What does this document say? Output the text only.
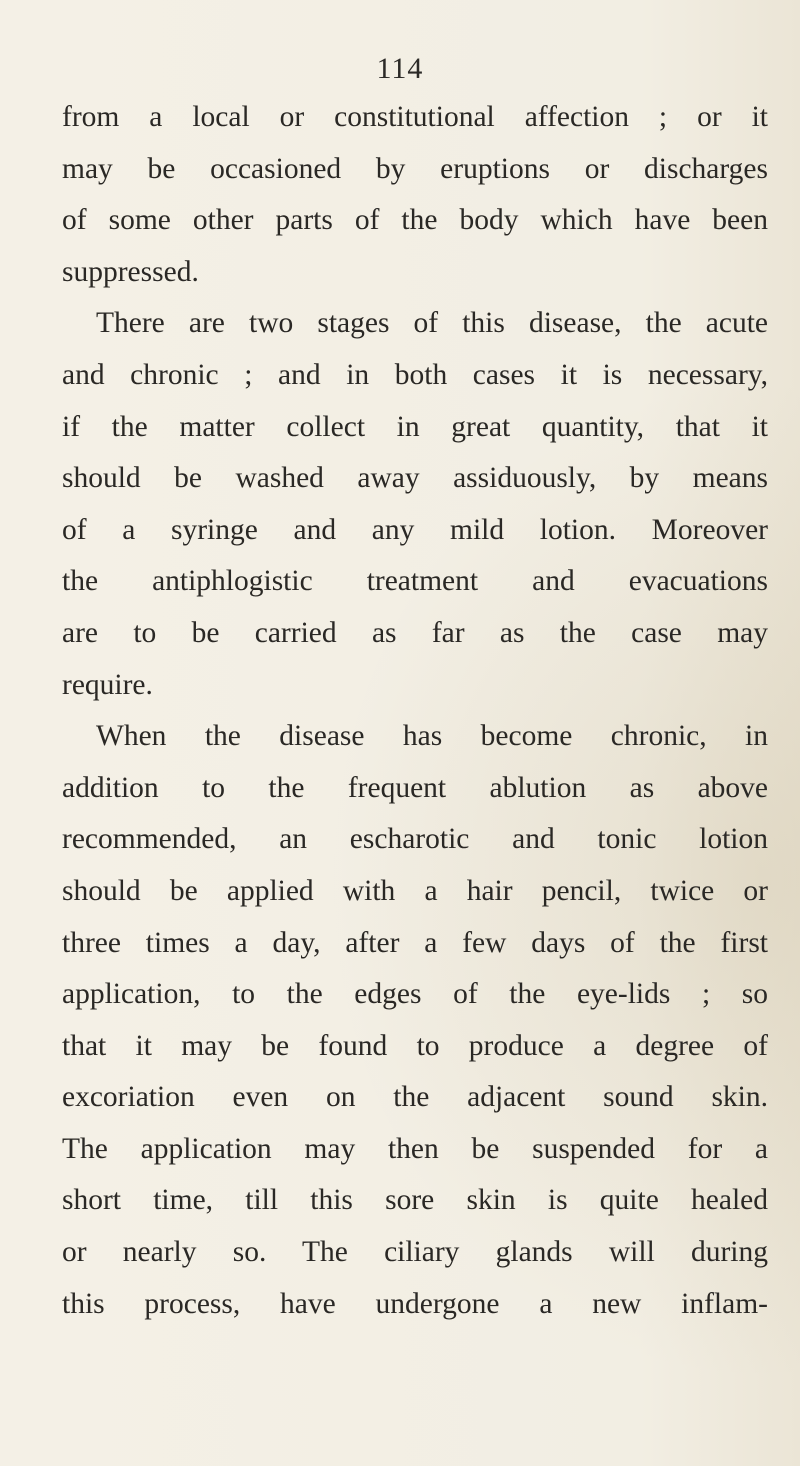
114
from a local or constitutional affection ; or it
may be occasioned by eruptions or discharges
of some other parts of the body which have been
suppressed.
There are two stages of this disease, the acute
and chronic ; and in both cases it is necessary,
if the matter collect in great quantity, that it
should be washed away assiduously, by means
of a syringe and any mild lotion. Moreover
the antiphlogistic treatment and evacuations
are to be carried as far as the case may
require.
When the disease has become chronic, in
addition to the frequent ablution as above
recommended, an escharotic and tonic lotion
should be applied with a hair pencil, twice or
three times a day, after a few days of the first
application, to the edges of the eye-lids ; so
that it may be found to produce a degree of
excoriation even on the adjacent sound skin.
The application may then be suspended for a
short time, till this sore skin is quite healed
or nearly so. The ciliary glands will during
this process, have undergone a new inflam-
